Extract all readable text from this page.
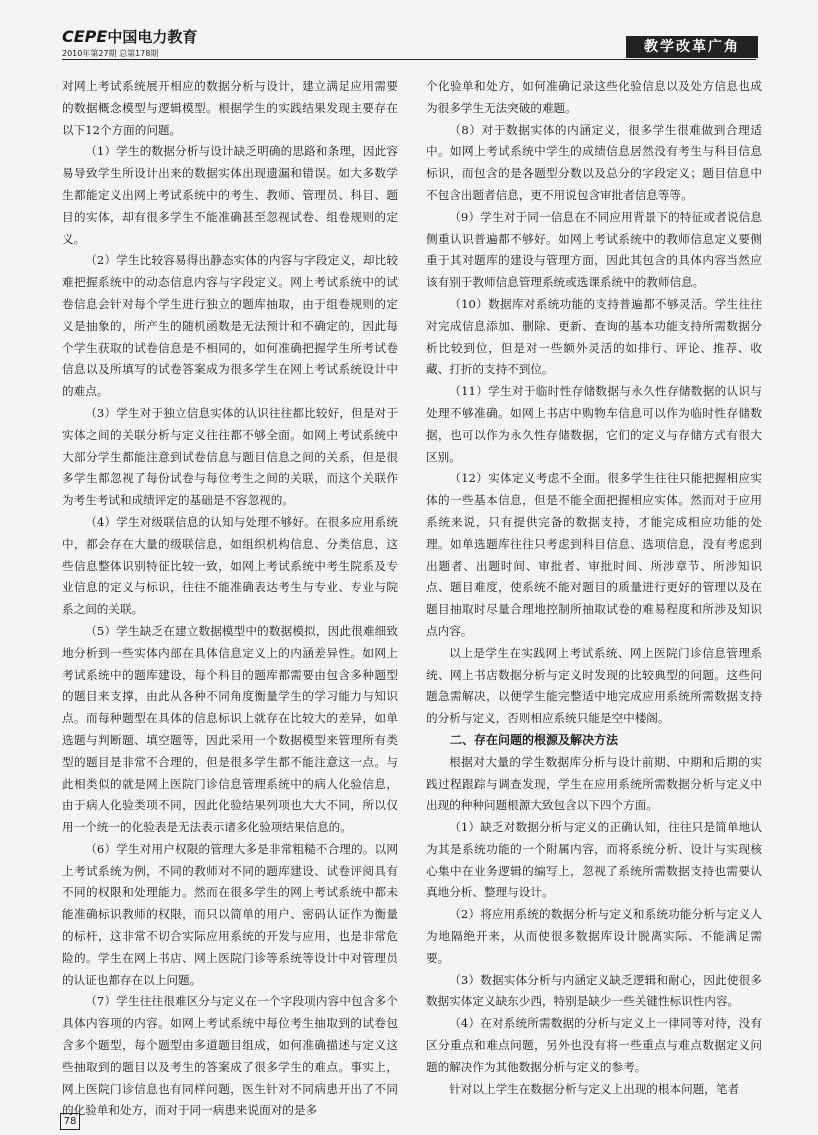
CEPE中国电力教育
2010年第27期 总第178期	教学改革广角

对网上考试系统展开相应的数据分析与设计，建立满足应用需要的数据概念模型与逻辑模型。根据学生的实践结果发现主要存在以下12个方面的问题。

（1）学生的数据分析与设计缺乏明确的思路和条理，因此容易导致学生所设计出来的数据实体出现遗漏和错误。如大多数学生都能定义出网上考试系统中的考生、教师、管理员、科目、题目的实体，却有很多学生不能准确甚至忽视试卷、组卷规则的定义。

（2）学生比较容易得出静态实体的内容与字段定义，却比较难把握系统中的动态信息内容与字段定义。网上考试系统中的试卷信息会针对每个学生进行独立的题库抽取，由于组卷规则的定义是抽象的，所产生的随机函数是无法预计和不确定的，因此每个学生获取的试卷信息是不相同的，如何准确把握学生所考试卷信息以及所填写的试卷答案成为很多学生在网上考试系统设计中的难点。

（3）学生对于独立信息实体的认识往往都比较好，但是对于实体之间的关联分析与定义往往都不够全面。如网上考试系统中大部分学生都能注意到试卷信息与题目信息之间的关系，但是很多学生都忽视了每份试卷与每位考生之间的关联，而这个关联作为考生考试和成绩评定的基础是不容忽视的。

（4）学生对级联信息的认知与处理不够好。在很多应用系统中，都会存在大量的级联信息，如组织机构信息、分类信息，这些信息整体识别特征比较一致，如网上考试系统中考生院系及专业信息的定义与标识，往往不能准确表达考生与专业、专业与院系之间的关联。

（5）学生缺乏在建立数据模型中的数据模拟，因此很难细致地分析到一些实体内部在具体信息定义上的内涵差异性。如网上考试系统中的题库建设，每个科目的题库都需要由包含多种题型的题目来支撑，由此从各种不同角度衡量学生的学习能力与知识点。而每种题型在具体的信息标识上就存在比较大的差异，如单选题与判断题、填空题等，因此采用一个数据模型来管理所有类型的题目是非常不合理的，但是很多学生都不能注意这一点。与此相类似的就是网上医院门诊信息管理系统中的病人化验信息，由于病人化验类项不同，因此化验结果列项也大大不同，所以仅用一个统一的化验表是无法表示诸多化验项结果信息的。

（6）学生对用户权限的管理大多是非常粗糙不合理的。以网上考试系统为例，不同的教师对不同的题库建设、试卷评阅具有不同的权限和处理能力。然而在很多学生的网上考试系统中都未能准确标识教师的权限，而只以简单的用户、密码认证作为衡量的标杆，这非常不切合实际应用系统的开发与应用，也是非常危险的。学生在网上书店、网上医院门诊等系统等设计中对管理员的认证也都存在以上问题。

（7）学生往往很难区分与定义在一个字段项内容中包含多个具体内容项的内容。如网上考试系统中每位考生抽取到的试卷包含多个题型，每个题型由多道题目组成，如何准确描述与定义这些抽取到的题目以及考生的答案成了很多学生的难点。事实上，网上医院门诊信息也有同样问题，医生针对不同病患开出了不同的化验单和处方，而对于同一病患来说面对的是多

个化验单和处方，如何准确记录这些化验信息以及处方信息也成为很多学生无法突破的难题。

（8）对于数据实体的内涵定义，很多学生很难做到合理适中。如网上考试系统中学生的成绩信息居然没有考生与科目信息标识，而包含的是各题型分数以及总分的字段定义；题目信息中不包含出题者信息，更不用说包含审批者信息等等。

（9）学生对于同一信息在不同应用背景下的特征或者说信息侧重认识普遍都不够好。如网上考试系统中的教师信息定义要侧重于其对题库的建设与管理方面，因此其包含的具体内容当然应该有别于教师信息管理系统或选课系统中的教师信息。

（10）数据库对系统功能的支持普遍都不够灵活。学生往往对完成信息添加、删除、更新、查询的基本功能支持所需数据分析比较到位，但是对一些额外灵活的如排行、评论、推荐、收藏、打折的支持不到位。

（11）学生对于临时性存储数据与永久性存储数据的认识与处理不够准确。如网上书店中购物车信息可以作为临时性存储数据，也可以作为永久性存储数据，它们的定义与存储方式有很大区别。

（12）实体定义考虑不全面。很多学生往往只能把握相应实体的一些基本信息，但是不能全面把握相应实体。然而对于应用系统来说，只有提供完备的数据支持，才能完成相应功能的处理。如单选题库往往只考虑到科目信息、选项信息，没有考虑到出题者、出题时间、审批者、审批时间、所涉章节、所涉知识点、题目难度，使系统不能对题目的质量进行更好的管理以及在题目抽取时尽量合理地控制所抽取试卷的难易程度和所涉及知识点内容。

以上是学生在实践网上考试系统、网上医院门诊信息管理系统、网上书店数据分析与定义时发现的比较典型的问题。这些问题急需解决，以便学生能完整适中地完成应用系统所需数据支持的分析与定义，否则相应系统只能是空中楼阁。

二、存在问题的根源及解决方法

根据对大量的学生数据库分析与设计前期、中期和后期的实践过程跟踪与调查发现，学生在应用系统所需数据分析与定义中出现的种种问题根源大致包含以下四个方面。

（1）缺乏对数据分析与定义的正确认知，往往只是简单地认为其是系统功能的一个附属内容，而将系统分析、设计与实现核心集中在业务逻辑的编写上，忽视了系统所需数据支持也需要认真地分析、整理与设计。

（2）将应用系统的数据分析与定义和系统功能分析与定义人为地隔绝开来，从而使很多数据库设计脱离实际、不能满足需要。

（3）数据实体分析与内涵定义缺乏逻辑和耐心，因此使很多数据实体定义缺东少西，特别是缺少一些关键性标识性内容。

（4）在对系统所需数据的分析与定义上一律同等对待，没有区分重点和难点问题，另外也没有将一些重点与难点数据定义问题的解决作为其他数据分析与定义的参考。

针对以上学生在数据分析与定义上出现的根本问题，笔者

78
